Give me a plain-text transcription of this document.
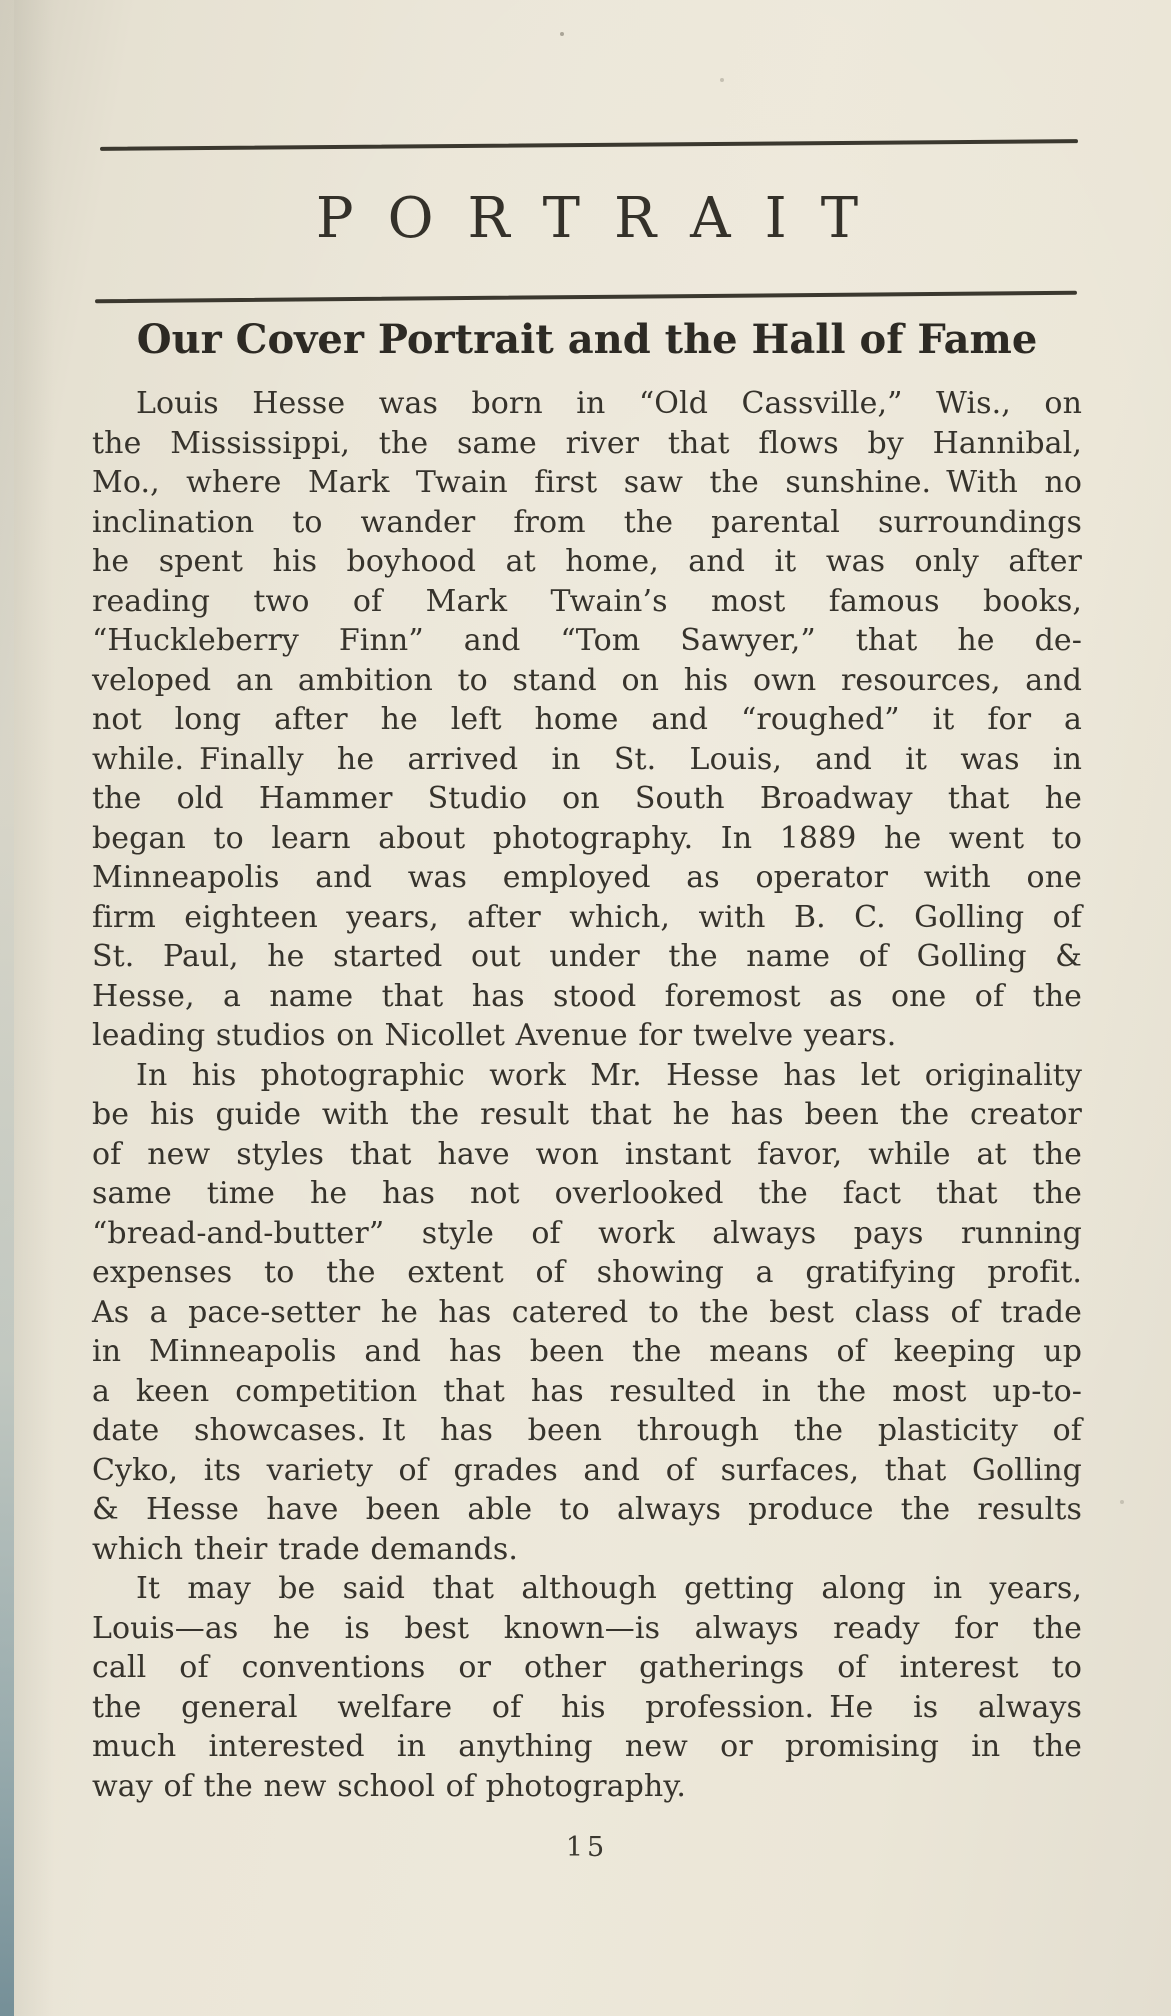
PORTRAIT
Our Cover Portrait and the Hall of Fame
Louis Hesse was born in “Old Cassville,” Wis., on
the Mississippi, the same river that flows by Hannibal,
Mo., where Mark Twain first saw the sunshine. With no
inclination to wander from the parental surroundings
he spent his boyhood at home, and it was only after
reading two of Mark Twain’s most famous books,
“Huckleberry Finn” and “Tom Sawyer,” that he de-
veloped an ambition to stand on his own resources, and
not long after he left home and “roughed” it for a
while. Finally he arrived in St. Louis, and it was in
the old Hammer Studio on South Broadway that he
began to learn about photography. In 1889 he went to
Minneapolis and was employed as operator with one
firm eighteen years, after which, with B. C. Golling of
St. Paul, he started out under the name of Golling &
Hesse, a name that has stood foremost as one of the
leading studios on Nicollet Avenue for twelve years.
In his photographic work Mr. Hesse has let originality
be his guide with the result that he has been the creator
of new styles that have won instant favor, while at the
same time he has not overlooked the fact that the
“bread-and-butter” style of work always pays running
expenses to the extent of showing a gratifying profit.
As a pace-setter he has catered to the best class of trade
in Minneapolis and has been the means of keeping up
a keen competition that has resulted in the most up-to-
date showcases. It has been through the plasticity of
Cyko, its variety of grades and of surfaces, that Golling
& Hesse have been able to always produce the results
which their trade demands.
It may be said that although getting along in years,
Louis—as he is best known—is always ready for the
call of conventions or other gatherings of interest to
the general welfare of his profession. He is always
much interested in anything new or promising in the
way of the new school of photography.
15
